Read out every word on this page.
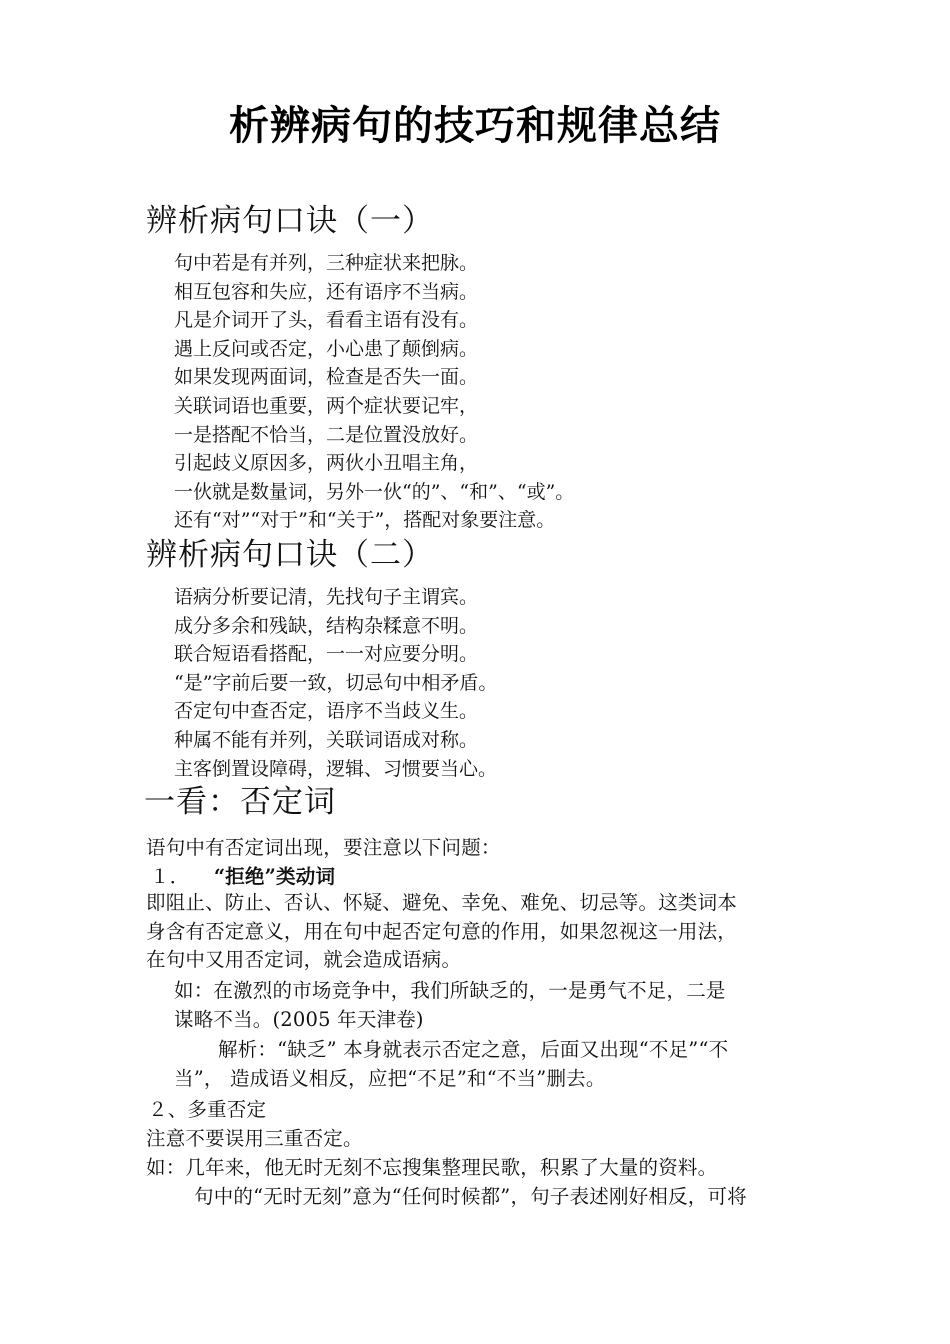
析辨病句的技巧和规律总结
辨析病句口诀（一）
句中若是有并列，三种症状来把脉。
相互包容和失应，还有语序不当病。
凡是介词开了头，看看主语有没有。
遇上反问或否定，小心患了颠倒病。
如果发现两面词，检查是否失一面。
关联词语也重要，两个症状要记牢，
一是搭配不恰当，二是位置没放好。
引起歧义原因多，两伙小丑唱主角，
一伙就是数量词，另外一伙“的”、“和”、“或”。
还有“对”“对于”和“关于”，搭配对象要注意。
辨析病句口诀（二）
语病分析要记清，先找句子主谓宾。
成分多余和残缺，结构杂糅意不明。
联合短语看搭配，一一对应要分明。
“是”字前后要一致，切忌句中相矛盾。
否定句中查否定，语序不当歧义生。
种属不能有并列，关联词语成对称。
主客倒置设障碍，逻辑、习惯要当心。
一看：否定词
语句中有否定词出现，要注意以下问题：
１． “拒绝”类动词
即阻止、防止、否认、怀疑、避免、幸免、难免、切忌等。这类词本
身含有否定意义，用在句中起否定句意的作用，如果忽视这一用法，
在句中又用否定词，就会造成语病。
如：在激烈的市场竞争中，我们所缺乏的，一是勇气不足，二是
谋略不当。(2005 年天津卷)
解析：“缺乏” 本身就表示否定之意，后面又出现“不足”“不
当”， 造成语义相反，应把“不足”和“不当”删去。
２、多重否定
注意不要误用三重否定。
如：几年来，他无时无刻不忘搜集整理民歌，积累了大量的资料。
句中的“无时无刻”意为“任何时候都”，句子表述刚好相反，可将
